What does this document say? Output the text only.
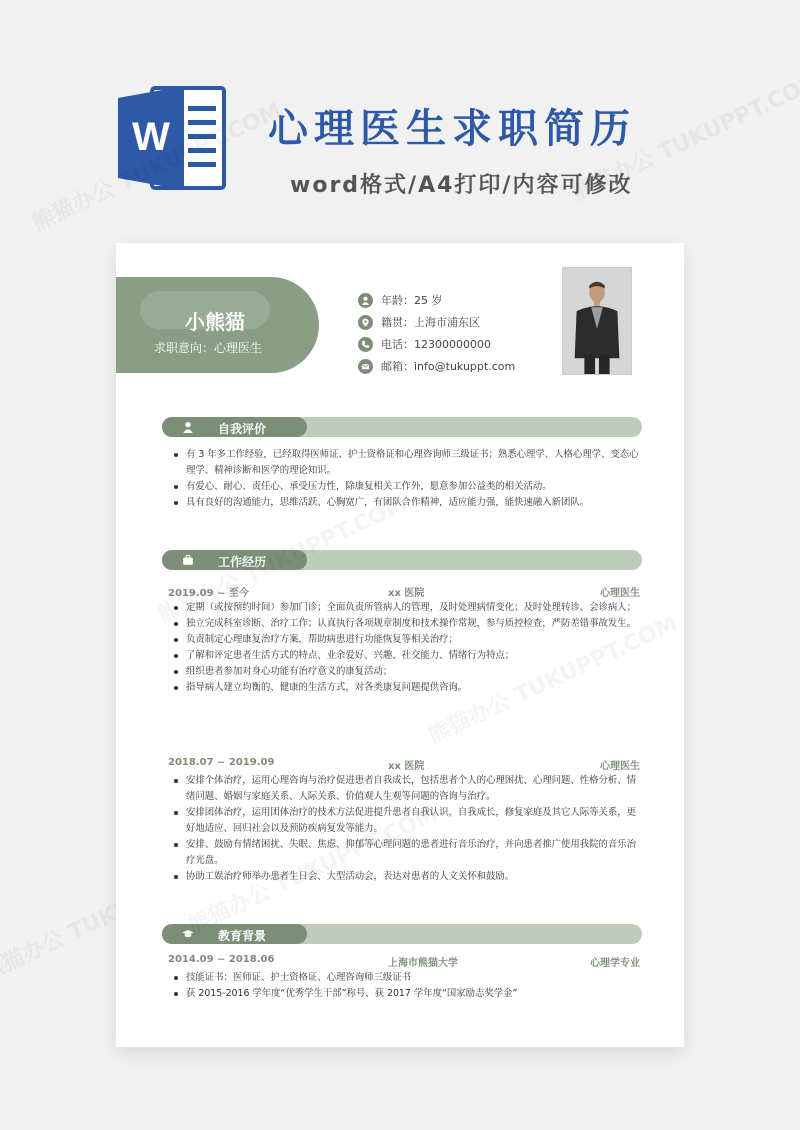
W 心理医生求职简历
word格式/A4打印/内容可修改
小熊猫
求职意向：心理医生
年龄：25 岁
籍贯：上海市浦东区
电话：12300000000
邮箱：info@tukuppt.com
自我评价
有 3 年多工作经验，已经取得医师证、护士资格证和心理咨询师三级证书；熟悉心理学、人格心理学、变态心理学、精神诊断和医学的理论知识。
有爱心、耐心、责任心、承受压力性，除康复相关工作外，愿意参加公益类的相关活动。
具有良好的沟通能力，思维活跃、心胸宽广，有团队合作精神，适应能力强，能快速融入新团队。
工作经历
2019.09 ~ 至今	xx 医院	心理医生
定期（或按预约时间）参加门诊；全面负责所管病人的管理，及时处理病情变化；及时处理转诊、会诊病人；
独立完成科室诊断、治疗工作；认真执行各项规章制度和技术操作常规，参与质控检查，严防差错事故发生。
负责制定心理康复治疗方案，帮助病患进行功能恢复等相关治疗；
了解和评定患者生活方式的特点、业余爱好、兴趣、社交能力、情绪行为特点；
组织患者参加对身心功能有治疗意义的康复活动；
指导病人建立均衡的、健康的生活方式，对各类康复问题提供咨询。
2018.07 ~ 2019.09	xx 医院	心理医生
安排个体治疗，运用心理咨询与治疗促进患者自我成长，包括患者个人的心理困扰、心理问题、性格分析、情绪问题、婚姻与家庭关系、人际关系、价值观人生观等问题的咨询与治疗。
安排团体治疗，运用团体治疗的技术方法促进提升患者自我认识，自我成长，修复家庭及其它人际等关系，更好地适应、回归社会以及预防疾病复发等能力。
安排、鼓励有情绪困扰、失眠、焦虑、抑郁等心理问题的患者进行音乐治疗，并向患者推广使用我院的音乐治疗光盘。
协助工娱治疗师举办患者生日会、大型活动会，表达对患者的人文关怀和鼓励。
教育背景
2014.09 ~ 2018.06	上海市熊猫大学	心理学专业
技能证书：医师证、护士资格证、心理咨询师三级证书
获 2015-2016 学年度“优秀学生干部”称号、获 2017 学年度“国家励志奖学金”
